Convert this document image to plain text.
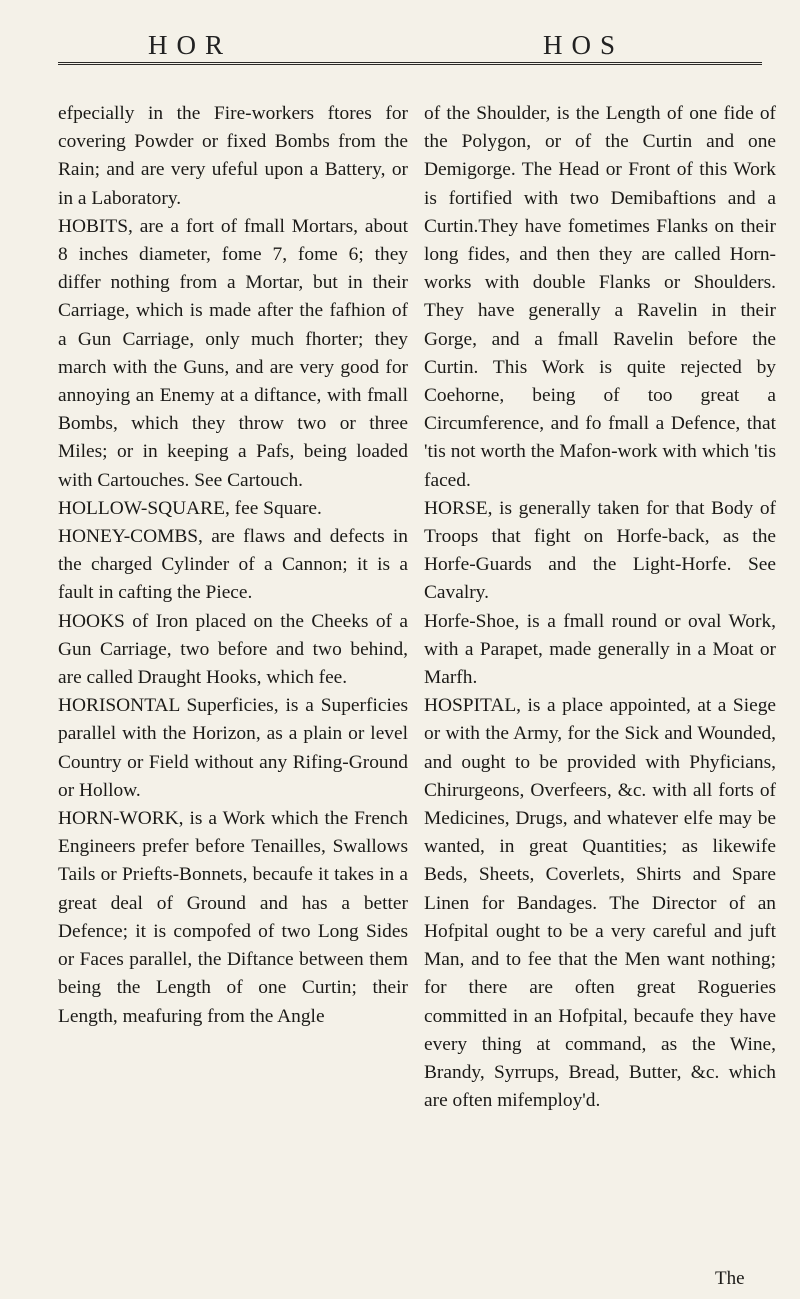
HOR	HOS

efpecially in the Fire-workers ftores for covering Powder or fixed Bombs from the Rain; and are very ufeful upon a Battery, or in a Laboratory.

HOBITS, are a fort of fmall Mortars, about 8 inches diameter, fome 7, fome 6; they differ nothing from a Mortar, but in their Carriage, which is made after the fafhion of a Gun Carriage, only much fhorter; they march with the Guns, and are very good for annoying an Enemy at a diftance, with fmall Bombs, which they throw two or three Miles; or in keeping a Pafs, being loaded with Cartouches. See Cartouch.

HOLLOW-SQUARE, fee Square.

HONEY-COMBS, are flaws and defects in the charged Cylinder of a Cannon; it is a fault in cafting the Piece.

HOOKS of Iron placed on the Cheeks of a Gun Carriage, two before and two behind, are called Draught Hooks, which fee.

HORISONTAL Superficies, is a Superficies parallel with the Horizon, as a plain or level Country or Field without any Rifing-Ground or Hollow.

HORN-WORK, is a Work which the French Engineers prefer before Tenailles, Swallows Tails or Priefts-Bonnets, becaufe it takes in a great deal of Ground and has a better Defence; it is compofed of two Long Sides or Faces parallel, the Diftance between them being the Length of one Curtin; their Length, meafuring from the Angle

of the Shoulder, is the Length of one fide of the Polygon, or of the Curtin and one Demigorge. The Head or Front of this Work is fortified with two Demibaftions and a Curtin.They have fometimes Flanks on their long fides, and then they are called Horn-works with double Flanks or Shoulders. They have generally a Ravelin in their Gorge, and a fmall Ravelin before the Curtin. This Work is quite rejected by Coehorne, being of too great a Circumference, and fo fmall a Defence, that 'tis not worth the Mafon-work with which 'tis faced.

HORSE, is generally taken for that Body of Troops that fight on Horfe-back, as the Horfe-Guards and the Light-Horfe. See Cavalry.

Horfe-Shoe, is a fmall round or oval Work, with a Parapet, made generally in a Moat or Marfh.

HOSPITAL, is a place appointed, at a Siege or with the Army, for the Sick and Wounded, and ought to be provided with Phyficians, Chirurgeons, Overfeers, &c. with all forts of Medicines, Drugs, and whatever elfe may be wanted, in great Quantities; as likewife Beds, Sheets, Coverlets, Shirts and Spare Linen for Bandages. The Director of an Hofpital ought to be a very careful and juft Man, and to fee that the Men want nothing; for there are often great Rogueries committed in an Hofpital, becaufe they have every thing at command, as the Wine, Brandy, Syrrups, Bread, Butter, &c. which are often mifemploy'd.

The
